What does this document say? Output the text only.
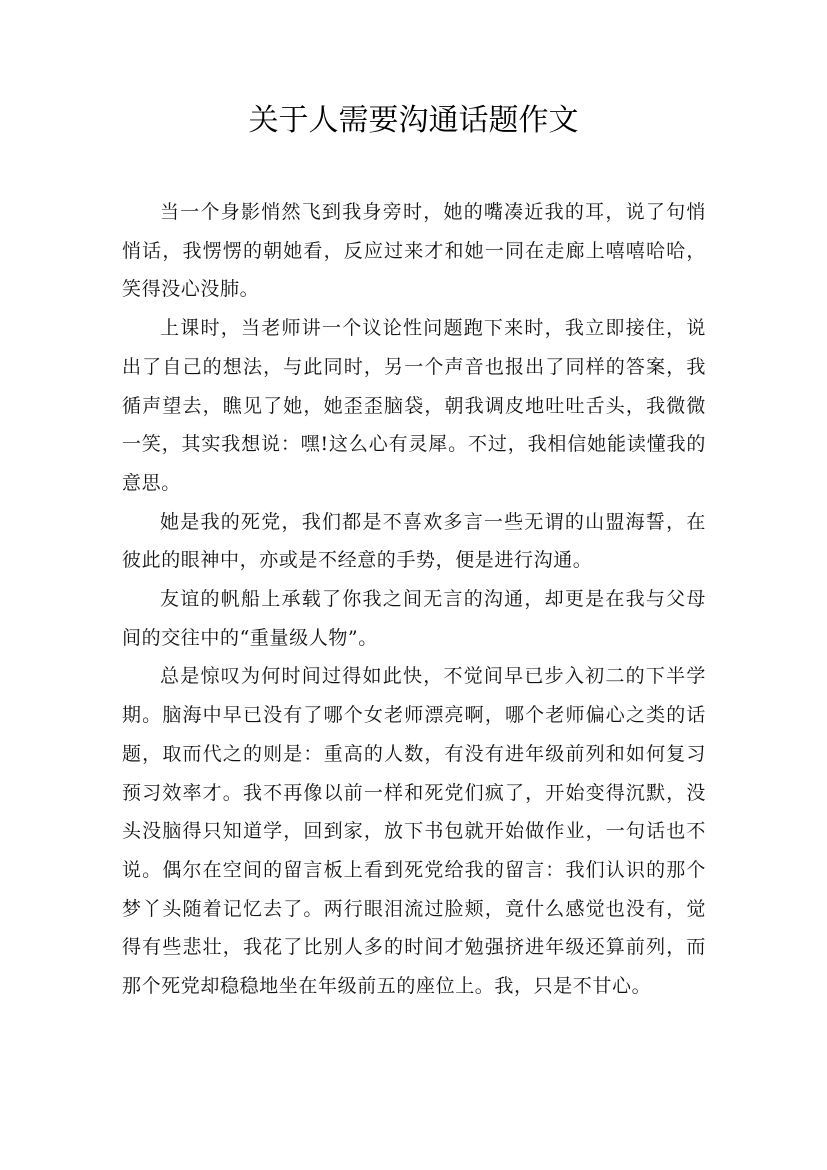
关于人需要沟通话题作文

当一个身影悄然飞到我身旁时，她的嘴凑近我的耳，说了句悄悄话，我愣愣的朝她看，反应过来才和她一同在走廊上嘻嘻哈哈，笑得没心没肺。

上课时，当老师讲一个议论性问题跑下来时，我立即接住，说出了自己的想法，与此同时，另一个声音也报出了同样的答案，我循声望去，瞧见了她，她歪歪脑袋，朝我调皮地吐吐舌头，我微微一笑，其实我想说：嘿!这么心有灵犀。不过，我相信她能读懂我的意思。

她是我的死党，我们都是不喜欢多言一些无谓的山盟海誓，在彼此的眼神中，亦或是不经意的手势，便是进行沟通。

友谊的帆船上承载了你我之间无言的沟通，却更是在我与父母间的交往中的“重量级人物”。

总是惊叹为何时间过得如此快，不觉间早已步入初二的下半学期。脑海中早已没有了哪个女老师漂亮啊，哪个老师偏心之类的话题，取而代之的则是：重高的人数，有没有进年级前列和如何复习预习效率才。我不再像以前一样和死党们疯了，开始变得沉默，没头没脑得只知道学，回到家，放下书包就开始做作业，一句话也不说。偶尔在空间的留言板上看到死党给我的留言：我们认识的那个梦丫头随着记忆去了。两行眼泪流过脸颊，竟什么感觉也没有，觉得有些悲壮，我花了比别人多的时间才勉强挤进年级还算前列，而那个死党却稳稳地坐在年级前五的座位上。我，只是不甘心。
